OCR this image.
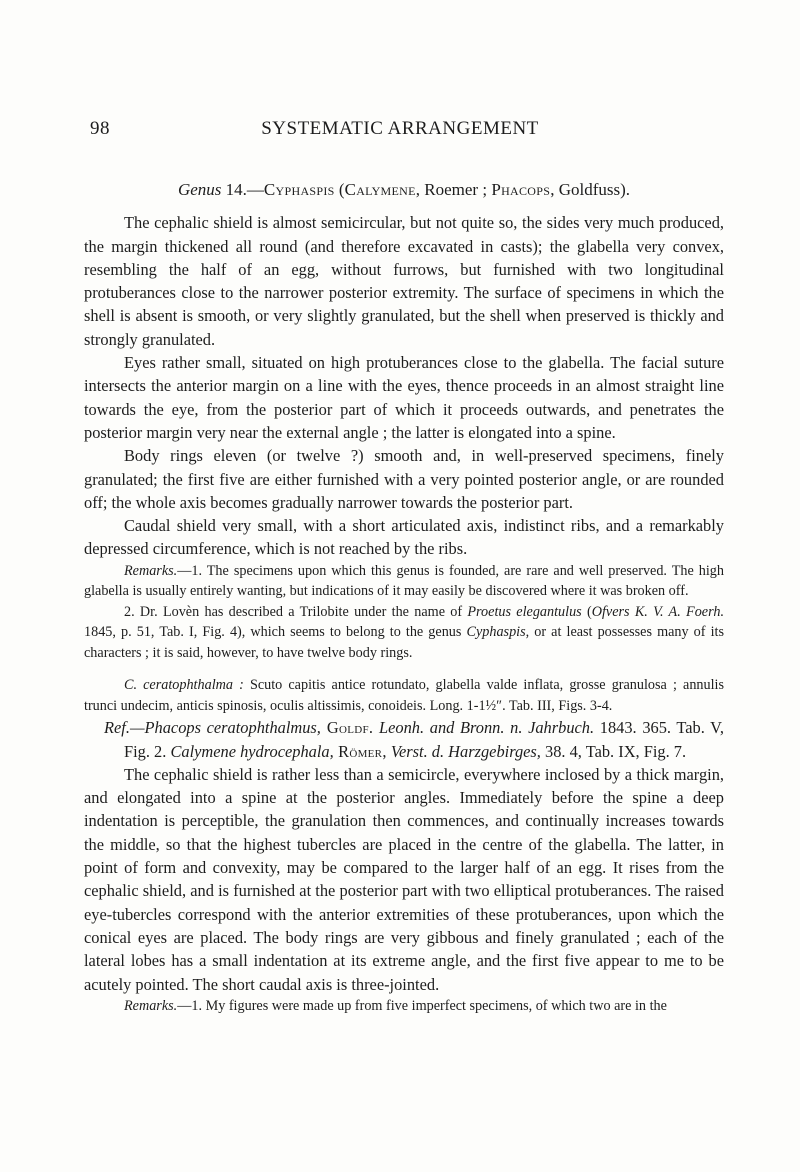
98	SYSTEMATIC ARRANGEMENT

Genus 14.—Cyphaspis (Calymene, Roemer ; Phacops, Goldfuss).

The cephalic shield is almost semicircular, but not quite so, the sides very much produced, the margin thickened all round (and therefore excavated in casts); the glabella very convex, resembling the half of an egg, without furrows, but furnished with two longitudinal protuberances close to the narrower posterior extremity. The surface of specimens in which the shell is absent is smooth, or very slightly granulated, but the shell when preserved is thickly and strongly granulated.

Eyes rather small, situated on high protuberances close to the glabella. The facial suture intersects the anterior margin on a line with the eyes, thence proceeds in an almost straight line towards the eye, from the posterior part of which it proceeds outwards, and penetrates the posterior margin very near the external angle ; the latter is elongated into a spine.

Body rings eleven (or twelve ?) smooth and, in well-preserved specimens, finely granulated; the first five are either furnished with a very pointed posterior angle, or are rounded off; the whole axis becomes gradually narrower towards the posterior part.

Caudal shield very small, with a short articulated axis, indistinct ribs, and a remarkably depressed circumference, which is not reached by the ribs.

Remarks.—1. The specimens upon which this genus is founded, are rare and well preserved. The high glabella is usually entirely wanting, but indications of it may easily be discovered where it was broken off.

2. Dr. Lovèn has described a Trilobite under the name of Proetus elegantulus (Ofvers K. V. A. Foerh. 1845, p. 51, Tab. I, Fig. 4), which seems to belong to the genus Cyphaspis, or at least possesses many of its characters ; it is said, however, to have twelve body rings.

C. ceratophthalma : Scuto capitis antice rotundato, glabella valde inflata, grosse granulosa ; annulis trunci undecim, anticis spinosis, oculis altissimis, conoideis. Long. 1-1½″. Tab. III, Figs. 3-4.

Ref.—Phacops ceratophthalmus, Goldf. Leonh. and Bronn. n. Jahrbuch. 1843. 365. Tab. V, Fig. 2. Calymene hydrocephala, Römer, Verst. d. Harzgebirges, 38. 4, Tab. IX, Fig. 7.

The cephalic shield is rather less than a semicircle, everywhere inclosed by a thick margin, and elongated into a spine at the posterior angles. Immediately before the spine a deep indentation is perceptible, the granulation then commences, and continually increases towards the middle, so that the highest tubercles are placed in the centre of the glabella. The latter, in point of form and convexity, may be compared to the larger half of an egg. It rises from the cephalic shield, and is furnished at the posterior part with two elliptical protuberances. The raised eye-tubercles correspond with the anterior extremities of these protuberances, upon which the conical eyes are placed. The body rings are very gibbous and finely granulated ; each of the lateral lobes has a small indentation at its extreme angle, and the first five appear to me to be acutely pointed. The short caudal axis is three-jointed.

Remarks.—1. My figures were made up from five imperfect specimens, of which two are in the
